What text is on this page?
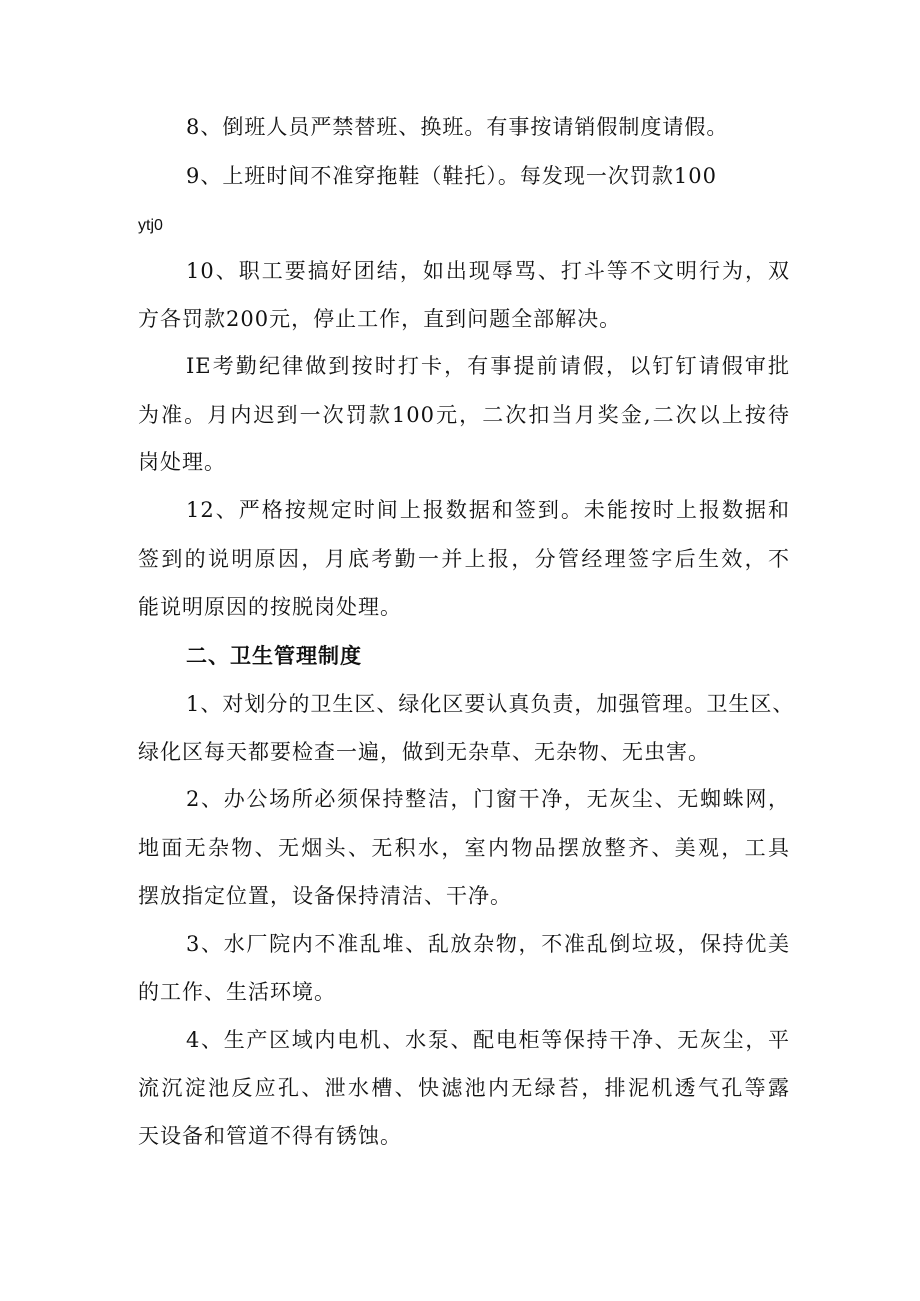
8、倒班人员严禁替班、换班。有事按请销假制度请假。
9、上班时间不准穿拖鞋（鞋托）。每发现一次罚款100
ytj0
10、职工要搞好团结，如出现辱骂、打斗等不文明行为，双
方各罚款200元，停止工作，直到问题全部解决。
IE考勤纪律做到按时打卡，有事提前请假，以钉钉请假审批
为准。月内迟到一次罚款100元，二次扣当月奖金,二次以上按待
岗处理。
12、严格按规定时间上报数据和签到。未能按时上报数据和
签到的说明原因，月底考勤一并上报，分管经理签字后生效，不
能说明原因的按脱岗处理。
二、卫生管理制度
1、对划分的卫生区、绿化区要认真负责，加强管理。卫生区、
绿化区每天都要检查一遍，做到无杂草、无杂物、无虫害。
2、办公场所必须保持整洁，门窗干净，无灰尘、无蜘蛛网，
地面无杂物、无烟头、无积水，室内物品摆放整齐、美观，工具
摆放指定位置，设备保持清洁、干净。
3、水厂院内不准乱堆、乱放杂物，不准乱倒垃圾，保持优美
的工作、生活环境。
4、生产区域内电机、水泵、配电柜等保持干净、无灰尘，平
流沉淀池反应孔、泄水槽、快滤池内无绿苔，排泥机透气孔等露
天设备和管道不得有锈蚀。
